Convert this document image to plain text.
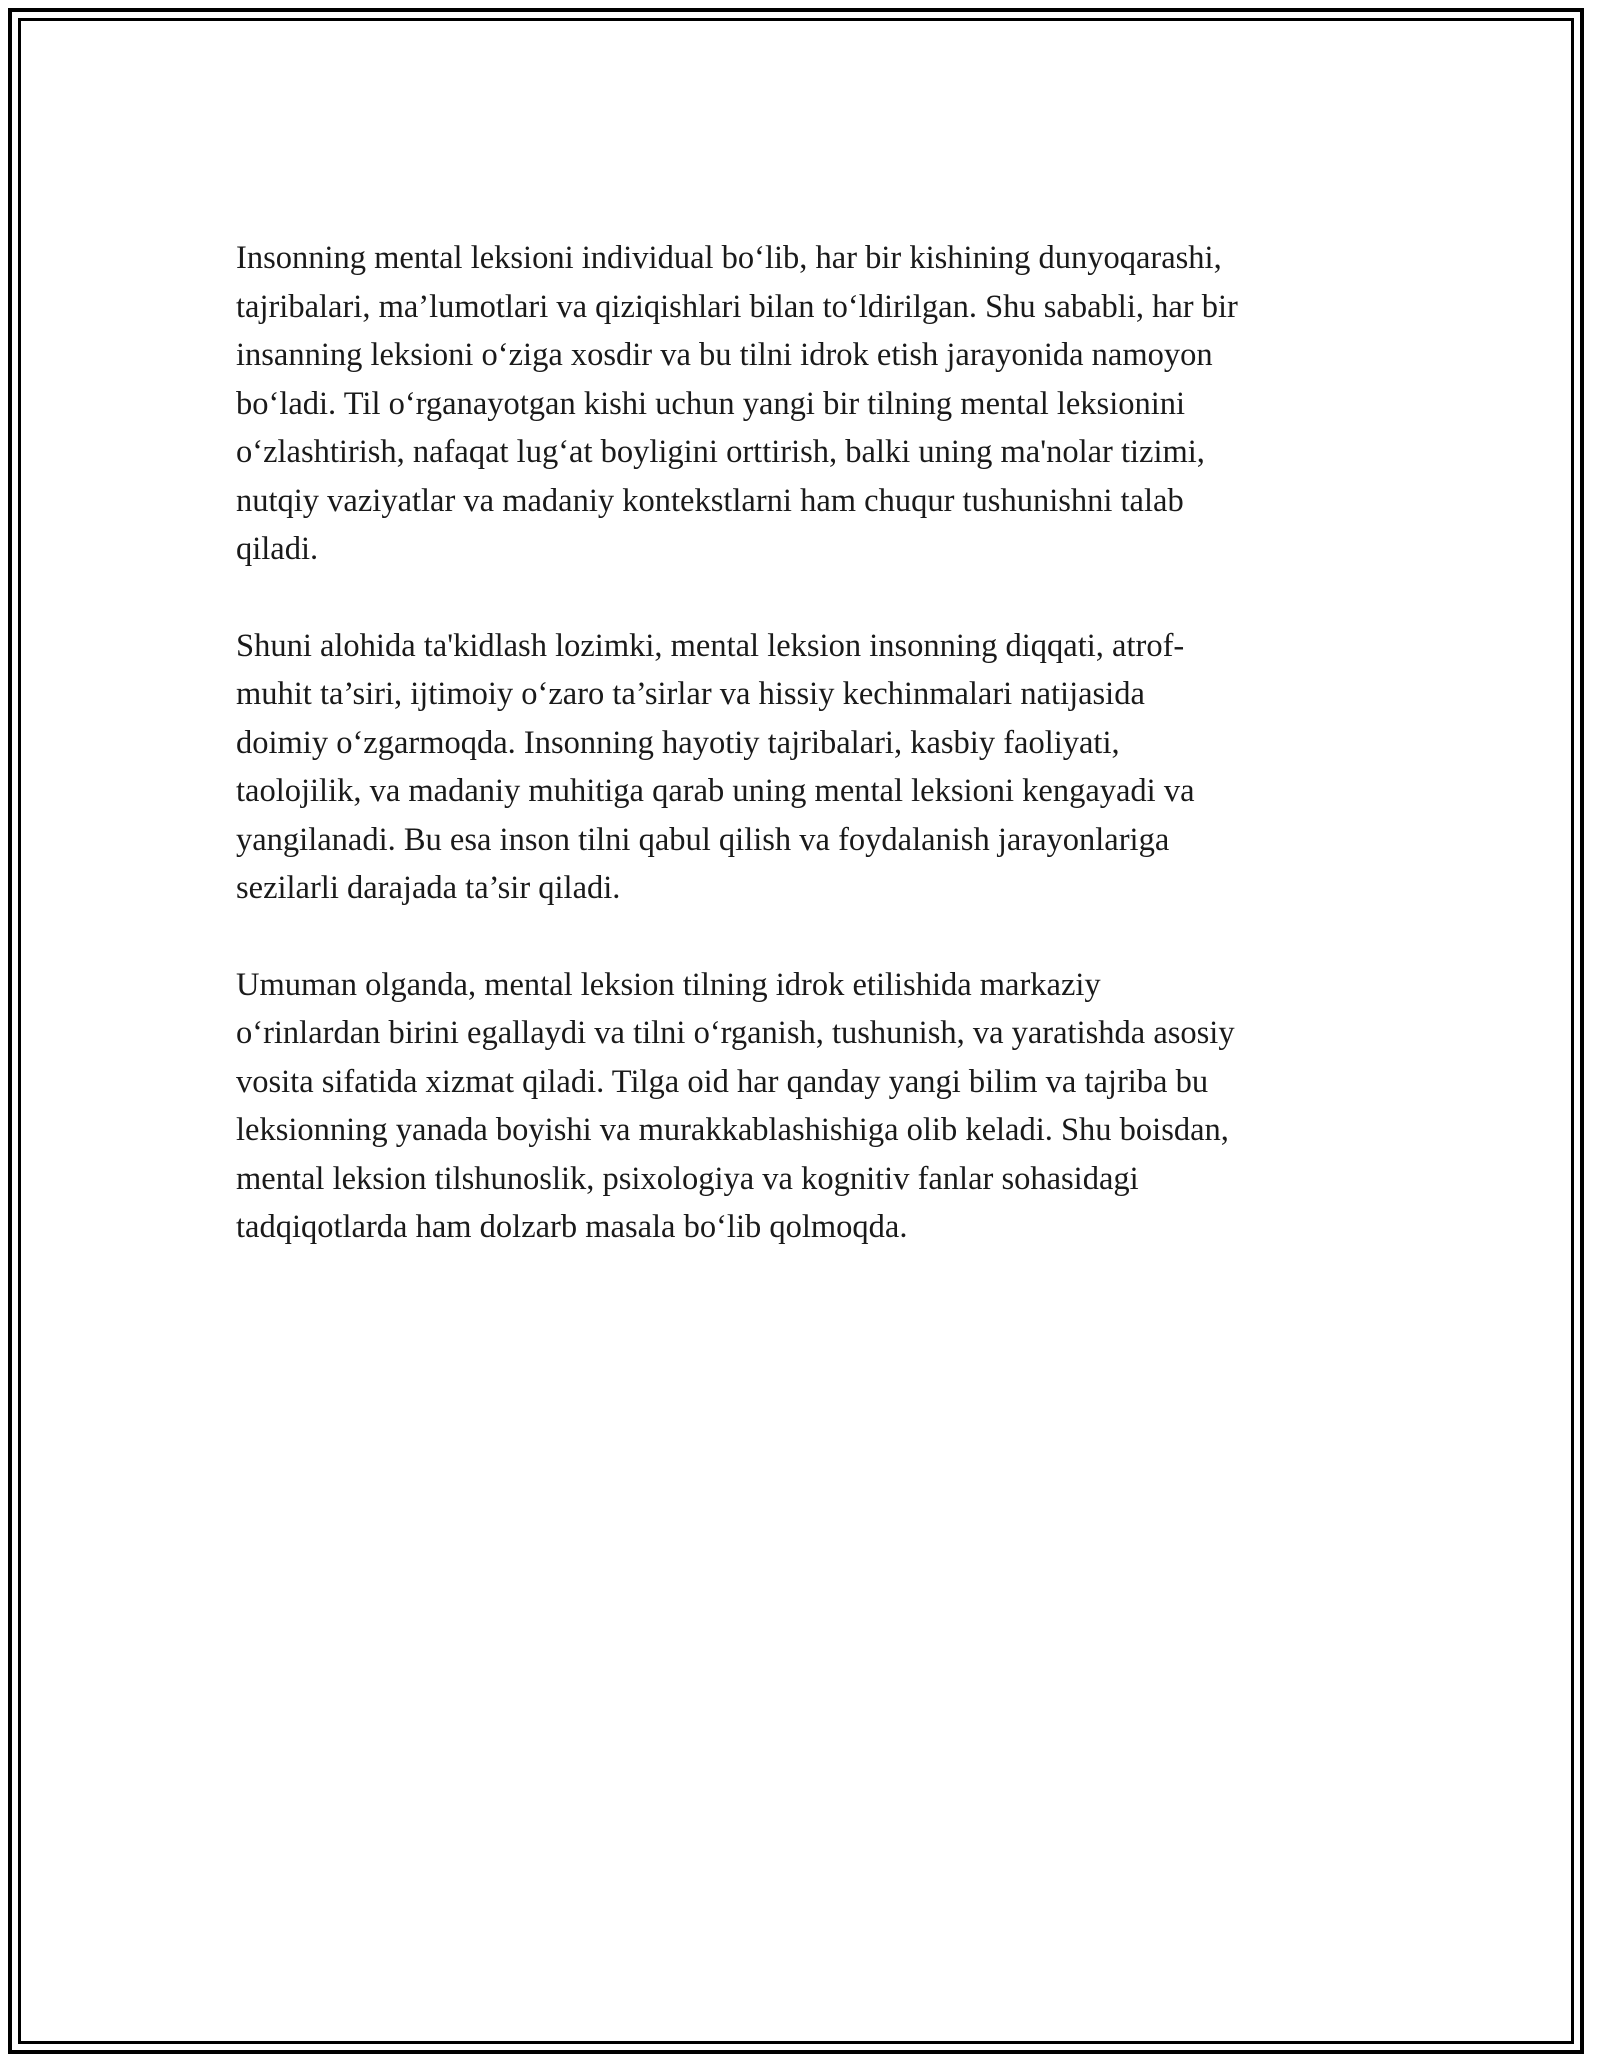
Insonning mental leksioni individual bo‘lib, har bir kishining dunyoqarashi,
tajribalari, ma’lumotlari va qiziqishlari bilan to‘ldirilgan. Shu sababli, har bir
insanning leksioni o‘ziga xosdir va bu tilni idrok etish jarayonida namoyon
bo‘ladi. Til o‘rganayotgan kishi uchun yangi bir tilning mental leksionini
o‘zlashtirish, nafaqat lug‘at boyligini orttirish, balki uning ma'nolar tizimi,
nutqiy vaziyatlar va madaniy kontekstlarni ham chuqur tushunishni talab
qiladi.

Shuni alohida ta'kidlash lozimki, mental leksion insonning diqqati, atrof-
muhit ta’siri, ijtimoiy o‘zaro ta’sirlar va hissiy kechinmalari natijasida
doimiy o‘zgarmoqda. Insonning hayotiy tajribalari, kasbiy faoliyati,
taolojilik, va madaniy muhitiga qarab uning mental leksioni kengayadi va
yangilanadi. Bu esa inson tilni qabul qilish va foydalanish jarayonlariga
sezilarli darajada ta’sir qiladi.

Umuman olganda, mental leksion tilning idrok etilishida markaziy
o‘rinlardan birini egallaydi va tilni o‘rganish, tushunish, va yaratishda asosiy
vosita sifatida xizmat qiladi. Tilga oid har qanday yangi bilim va tajriba bu
leksionning yanada boyishi va murakkablashishiga olib keladi. Shu boisdan,
mental leksion tilshunoslik, psixologiya va kognitiv fanlar sohasidagi
tadqiqotlarda ham dolzarb masala bo‘lib qolmoqda.
